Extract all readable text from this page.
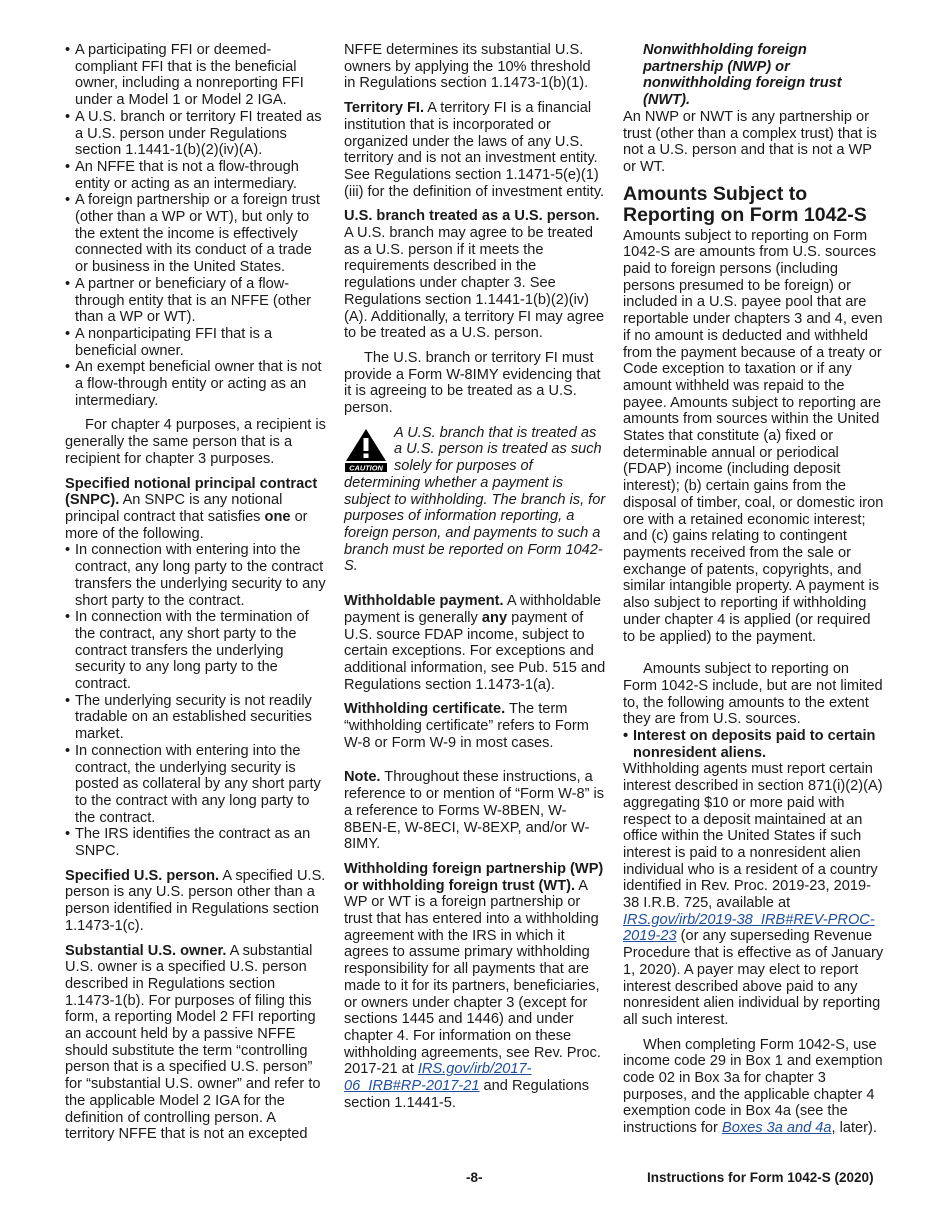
• A participating FFI or deemed-compliant FFI that is the beneficial owner, including a nonreporting FFI under a Model 1 or Model 2 IGA.
• A U.S. branch or territory FI treated as a U.S. person under Regulations section 1.1441-1(b)(2)(iv)(A).
• An NFFE that is not a flow-through entity or acting as an intermediary.
• A foreign partnership or a foreign trust (other than a WP or WT), but only to the extent the income is effectively connected with its conduct of a trade or business in the United States.
• A partner or beneficiary of a flow-through entity that is an NFFE (other than a WP or WT).
• A nonparticipating FFI that is a beneficial owner.
• An exempt beneficial owner that is not a flow-through entity or acting as an intermediary.

For chapter 4 purposes, a recipient is generally the same person that is a recipient for chapter 3 purposes.

Specified notional principal contract (SNPC). An SNPC is any notional principal contract that satisfies one or more of the following.

• In connection with entering into the contract, any long party to the contract transfers the underlying security to any short party to the contract.
• In connection with the termination of the contract, any short party to the contract transfers the underlying security to any long party to the contract.
• The underlying security is not readily tradable on an established securities market.
• In connection with entering into the contract, the underlying security is posted as collateral by any short party to the contract with any long party to the contract.
• The IRS identifies the contract as an SNPC.

Specified U.S. person. A specified U.S. person is any U.S. person other than a person identified in Regulations section 1.1473-1(c).

Substantial U.S. owner. A substantial U.S. owner is a specified U.S. person described in Regulations section 1.1473-1(b). For purposes of filing this form, a reporting Model 2 FFI reporting an account held by a passive NFFE should substitute the term “controlling person that is a specified U.S. person” for “substantial U.S. owner” and refer to the applicable Model 2 IGA for the definition of controlling person. A territory NFFE that is not an excepted

NFFE determines its substantial U.S. owners by applying the 10% threshold in Regulations section 1.1473-1(b)(1).

Territory FI. A territory FI is a financial institution that is incorporated or organized under the laws of any U.S. territory and is not an investment entity. See Regulations section 1.1471-5(e)(1)(iii) for the definition of investment entity.

U.S. branch treated as a U.S. person. A U.S. branch may agree to be treated as a U.S. person if it meets the requirements described in the regulations under chapter 3. See Regulations section 1.1441-1(b)(2)(iv)(A). Additionally, a territory FI may agree to be treated as a U.S. person.

The U.S. branch or territory FI must provide a Form W-8IMY evidencing that it is agreeing to be treated as a U.S. person.

CAUTION
A U.S. branch that is treated as a U.S. person is treated as such solely for purposes of determining whether a payment is subject to withholding. The branch is, for purposes of information reporting, a foreign person, and payments to such a branch must be reported on Form 1042-S.

Withholdable payment. A withholdable payment is generally any payment of U.S. source FDAP income, subject to certain exceptions. For exceptions and additional information, see Pub. 515 and Regulations section 1.1473-1(a).

Withholding certificate. The term “withholding certificate” refers to Form W-8 or Form W-9 in most cases.

Note. Throughout these instructions, a reference to or mention of “Form W-8” is a reference to Forms W-8BEN, W-8BEN-E, W-8ECI, W-8EXP, and/or W-8IMY.

Withholding foreign partnership (WP) or withholding foreign trust (WT). A WP or WT is a foreign partnership or trust that has entered into a withholding agreement with the IRS in which it agrees to assume primary withholding responsibility for all payments that are made to it for its partners, beneficiaries, or owners under chapter 3 (except for sections 1445 and 1446) and under chapter 4. For information on these withholding agreements, see Rev. Proc. 2017-21 at IRS.gov/irb/2017-06_IRB#RP-2017-21 and Regulations section 1.1441-5.

Nonwithholding foreign partnership (NWP) or nonwithholding foreign trust (NWT). An NWP or NWT is any partnership or trust (other than a complex trust) that is not a U.S. person and that is not a WP or WT.

Amounts Subject to Reporting on Form 1042-S

Amounts subject to reporting on Form 1042-S are amounts from U.S. sources paid to foreign persons (including persons presumed to be foreign) or included in a U.S. payee pool that are reportable under chapters 3 and 4, even if no amount is deducted and withheld from the payment because of a treaty or Code exception to taxation or if any amount withheld was repaid to the payee. Amounts subject to reporting are amounts from sources within the United States that constitute (a) fixed or determinable annual or periodical (FDAP) income (including deposit interest); (b) certain gains from the disposal of timber, coal, or domestic iron ore with a retained economic interest; and (c) gains relating to contingent payments received from the sale or exchange of patents, copyrights, and similar intangible property. A payment is also subject to reporting if withholding under chapter 4 is applied (or required to be applied) to the payment.

Amounts subject to reporting on Form 1042-S include, but are not limited to, the following amounts to the extent they are from U.S. sources.

• Interest on deposits paid to certain nonresident aliens.

Withholding agents must report certain interest described in section 871(i)(2)(A) aggregating $10 or more paid with respect to a deposit maintained at an office within the United States if such interest is paid to a nonresident alien individual who is a resident of a country identified in Rev. Proc. 2019-23, 2019-38 I.R.B. 725, available at IRS.gov/irb/2019-38_IRB#REV-PROC-2019-23 (or any superseding Revenue Procedure that is effective as of January 1, 2020). A payer may elect to report interest described above paid to any nonresident alien individual by reporting all such interest.

When completing Form 1042-S, use income code 29 in Box 1 and exemption code 02 in Box 3a for chapter 3 purposes, and the applicable chapter 4 exemption code in Box 4a (see the instructions for Boxes 3a and 4a, later).

-8-	Instructions for Form 1042-S (2020)
